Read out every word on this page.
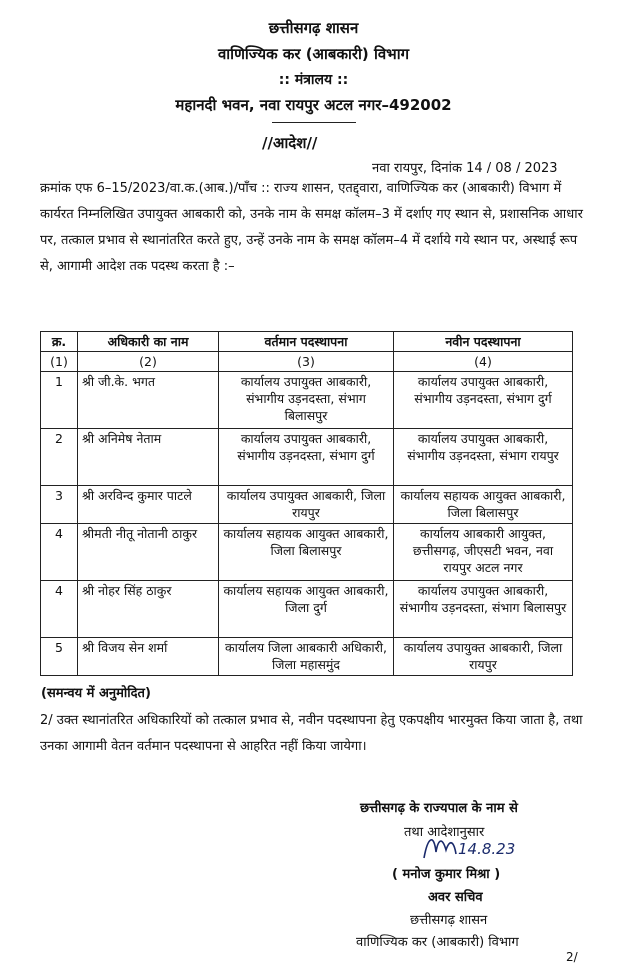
छत्तीसगढ़ शासन
वाणिज्यिक कर (आबकारी) विभाग
:: मंत्रालय ::
महानदी भवन, नवा रायपुर अटल नगर–492002
//आदेश//
नवा रायपुर, दिनांक 14 / 08 / 2023
क्रमांक एफ 6–15/2023/वा.क.(आब.)/पाँच :: राज्य शासन, एतद्द्वारा, वाणिज्यिक कर (आबकारी) विभाग में कार्यरत निम्नलिखित उपायुक्त आबकारी को, उनके नाम के समक्ष कॉलम–3 में दर्शाए गए स्थान से, प्रशासनिक आधार पर, तत्काल प्रभाव से स्थानांतरित करते हुए, उन्हें उनके नाम के समक्ष कॉलम–4 में दर्शाये गये स्थान पर, अस्थाई रूप से, आगामी आदेश तक पदस्थ करता है :–
क्र.	अधिकारी का नाम	वर्तमान पदस्थापना	नवीन पदस्थापना
(1)	(2)	(3)	(4)
1	श्री जी.के. भगत	कार्यालय उपायुक्त आबकारी, संभागीय उड़नदस्ता, संभाग बिलासपुर	कार्यालय उपायुक्त आबकारी, संभागीय उड़नदस्ता, संभाग दुर्ग
2	श्री अनिमेष नेताम	कार्यालय उपायुक्त आबकारी, संभागीय उड़नदस्ता, संभाग दुर्ग	कार्यालय उपायुक्त आबकारी, संभागीय उड़नदस्ता, संभाग रायपुर
3	श्री अरविन्द कुमार पाटले	कार्यालय उपायुक्त आबकारी, जिला रायपुर	कार्यालय सहायक आयुक्त आबकारी, जिला बिलासपुर
4	श्रीमती नीतू नोतानी ठाकुर	कार्यालय सहायक आयुक्त आबकारी, जिला बिलासपुर	कार्यालय आबकारी आयुक्त, छत्तीसगढ़, जीएसटी भवन, नवा रायपुर अटल नगर
4	श्री नोहर सिंह ठाकुर	कार्यालय सहायक आयुक्त आबकारी, जिला दुर्ग	कार्यालय उपायुक्त आबकारी, संभागीय उड़नदस्ता, संभाग बिलासपुर
5	श्री विजय सेन शर्मा	कार्यालय जिला आबकारी अधिकारी, जिला महासमुंद	कार्यालय उपायुक्त आबकारी, जिला रायपुर
(समन्वय में अनुमोदित)
2/ उक्त स्थानांतरित अधिकारियों को तत्काल प्रभाव से, नवीन पदस्थापना हेतु एकपक्षीय भारमुक्त किया जाता है, तथा उनका आगामी वेतन वर्तमान पदस्थापना से आहरित नहीं किया जायेगा।
छत्तीसगढ़ के राज्यपाल के नाम से
तथा आदेशानुसार
14.8.23
( मनोज कुमार मिश्रा )
अवर सचिव
छत्तीसगढ़ शासन
वाणिज्यिक कर (आबकारी) विभाग
2/
